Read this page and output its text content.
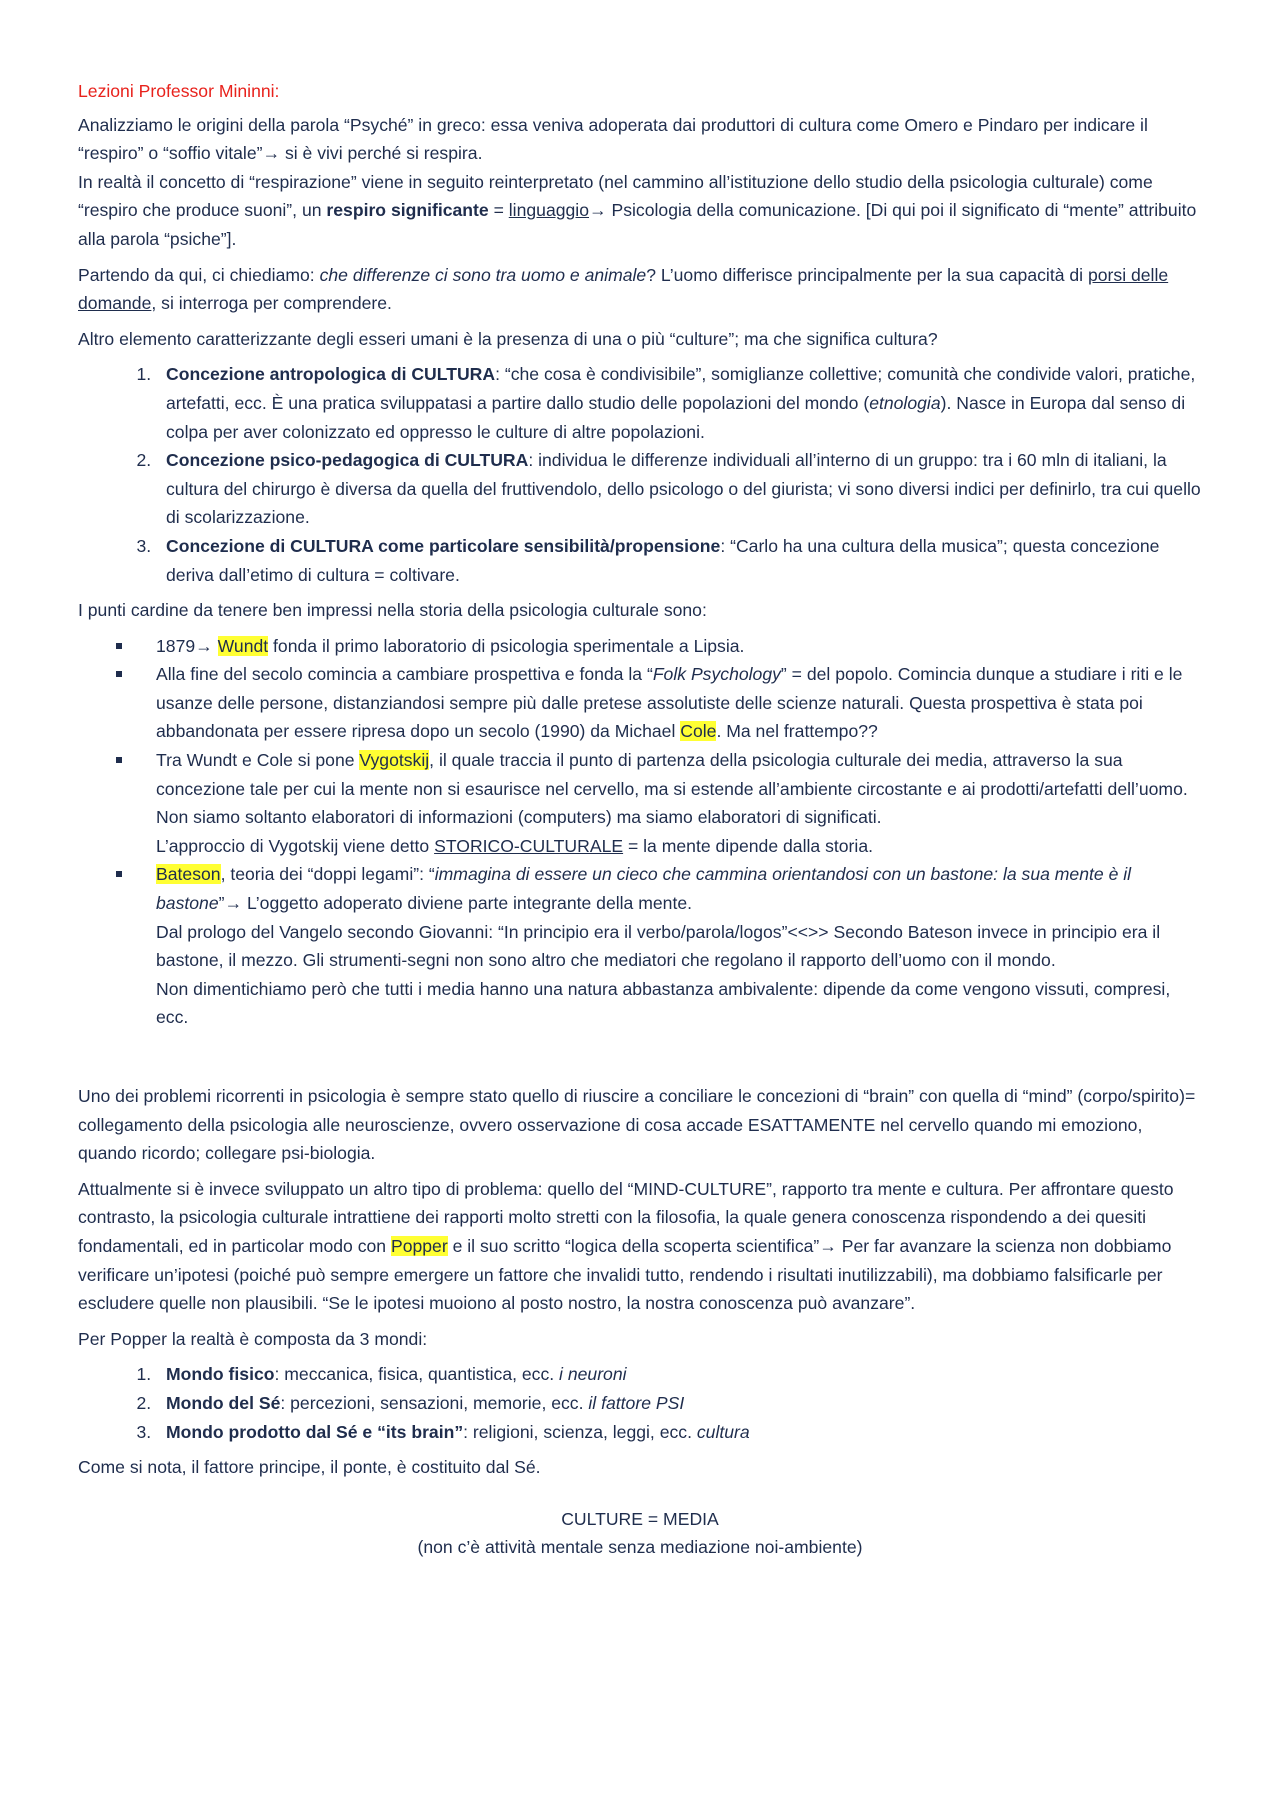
Lezioni Professor Mininni:

Analizziamo le origini della parola “Psyché” in greco: essa veniva adoperata dai produttori di cultura come Omero e Pindaro per indicare il “respiro” o “soffio vitale”→ si è vivi perché si respira.
In realtà il concetto di “respirazione” viene in seguito reinterpretato (nel cammino all’istituzione dello studio della psicologia culturale) come “respiro che produce suoni”, un respiro significante = linguaggio→ Psicologia della comunicazione. [Di qui poi il significato di “mente” attribuito alla parola “psiche”].

Partendo da qui, ci chiediamo: che differenze ci sono tra uomo e animale? L’uomo differisce principalmente per la sua capacità di porsi delle domande, si interroga per comprendere.

Altro elemento caratterizzante degli esseri umani è la presenza di una o più “culture”; ma che significa cultura?

1. Concezione antropologica di CULTURA: “che cosa è condivisibile”, somiglianze collettive; comunità che condivide valori, pratiche, artefatti, ecc. È una pratica sviluppatasi a partire dallo studio delle popolazioni del mondo (etnologia). Nasce in Europa dal senso di colpa per aver colonizzato ed oppresso le culture di altre popolazioni.
2. Concezione psico-pedagogica di CULTURA: individua le differenze individuali all’interno di un gruppo: tra i 60 mln di italiani, la cultura del chirurgo è diversa da quella del fruttivendolo, dello psicologo o del giurista; vi sono diversi indici per definirlo, tra cui quello di scolarizzazione.
3. Concezione di CULTURA come particolare sensibilità/propensione: “Carlo ha una cultura della musica”; questa concezione deriva dall’etimo di cultura = coltivare.

I punti cardine da tenere ben impressi nella storia della psicologia culturale sono:

1879→ Wundt fonda il primo laboratorio di psicologia sperimentale a Lipsia.
Alla fine del secolo comincia a cambiare prospettiva e fonda la “Folk Psychology” = del popolo. Comincia dunque a studiare i riti e le usanze delle persone, distanziandosi sempre più dalle pretese assolutiste delle scienze naturali. Questa prospettiva è stata poi abbandonata per essere ripresa dopo un secolo (1990) da Michael Cole. Ma nel frattempo??
Tra Wundt e Cole si pone Vygotskij, il quale traccia il punto di partenza della psicologia culturale dei media, attraverso la sua concezione tale per cui la mente non si esaurisce nel cervello, ma si estende all’ambiente circostante e ai prodotti/artefatti dell’uomo.
Non siamo soltanto elaboratori di informazioni (computers) ma siamo elaboratori di significati.
L’approccio di Vygotskij viene detto STORICO-CULTURALE = la mente dipende dalla storia.
Bateson, teoria dei “doppi legami”: “immagina di essere un cieco che cammina orientandosi con un bastone: la sua mente è il bastone”→ L’oggetto adoperato diviene parte integrante della mente.
Dal prologo del Vangelo secondo Giovanni: “In principio era il verbo/parola/logos”<<>> Secondo Bateson invece in principio era il bastone, il mezzo. Gli strumenti-segni non sono altro che mediatori che regolano il rapporto dell’uomo con il mondo.
Non dimentichiamo però che tutti i media hanno una natura abbastanza ambivalente: dipende da come vengono vissuti, compresi, ecc.

Uno dei problemi ricorrenti in psicologia è sempre stato quello di riuscire a conciliare le concezioni di “brain” con quella di “mind” (corpo/spirito)= collegamento della psicologia alle neuroscienze, ovvero osservazione di cosa accade ESATTAMENTE nel cervello quando mi emoziono, quando ricordo; collegare psi-biologia.

Attualmente si è invece sviluppato un altro tipo di problema: quello del “MIND-CULTURE”, rapporto tra mente e cultura. Per affrontare questo contrasto, la psicologia culturale intrattiene dei rapporti molto stretti con la filosofia, la quale genera conoscenza rispondendo a dei quesiti fondamentali, ed in particolar modo con Popper e il suo scritto “logica della scoperta scientifica”→ Per far avanzare la scienza non dobbiamo verificare un’ipotesi (poiché può sempre emergere un fattore che invalidi tutto, rendendo i risultati inutilizzabili), ma dobbiamo falsificarle per escludere quelle non plausibili. “Se le ipotesi muoiono al posto nostro, la nostra conoscenza può avanzare”.

Per Popper la realtà è composta da 3 mondi:

1. Mondo fisico: meccanica, fisica, quantistica, ecc. i neuroni
2. Mondo del Sé: percezioni, sensazioni, memorie, ecc. il fattore PSI
3. Mondo prodotto dal Sé e “its brain”: religioni, scienza, leggi, ecc. cultura

Come si nota, il fattore principe, il ponte, è costituito dal Sé.

CULTURE = MEDIA
(non c’è attività mentale senza mediazione noi-ambiente)
